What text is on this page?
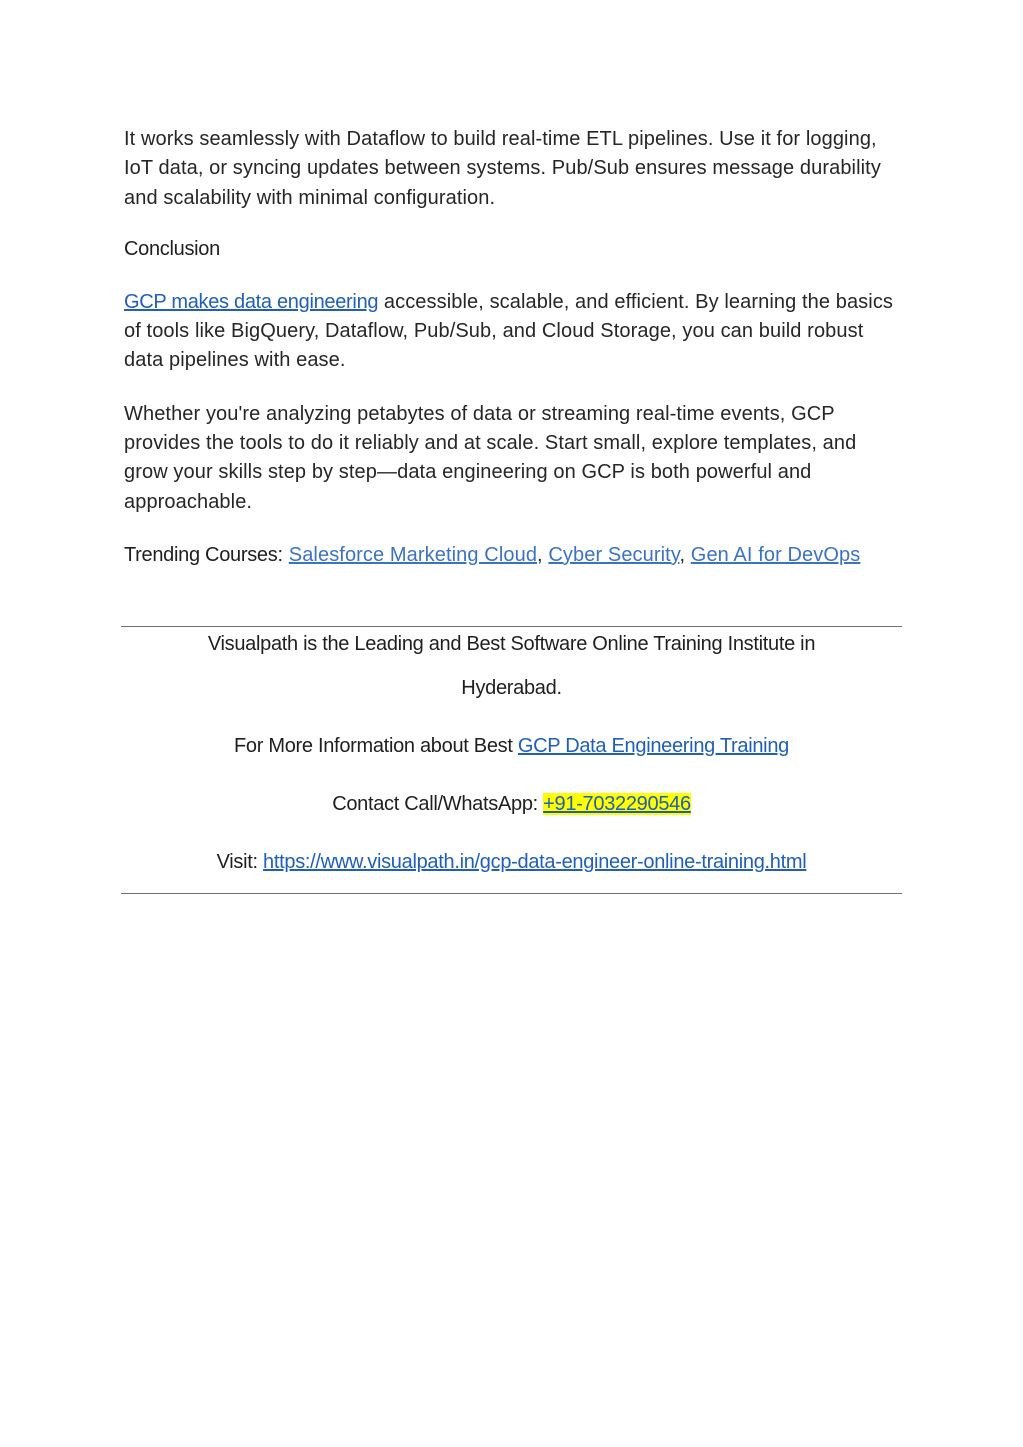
It works seamlessly with Dataflow to build real-time ETL pipelines. Use it for logging, IoT data, or syncing updates between systems. Pub/Sub ensures message durability and scalability with minimal configuration.

Conclusion

GCP makes data engineering accessible, scalable, and efficient. By learning the basics of tools like BigQuery, Dataflow, Pub/Sub, and Cloud Storage, you can build robust data pipelines with ease.

Whether you're analyzing petabytes of data or streaming real-time events, GCP provides the tools to do it reliably and at scale. Start small, explore templates, and grow your skills step by step—data engineering on GCP is both powerful and approachable.

Trending Courses: Salesforce Marketing Cloud, Cyber Security, Gen AI for DevOps

Visualpath is the Leading and Best Software Online Training Institute in
Hyderabad.
For More Information about Best GCP Data Engineering Training
Contact Call/WhatsApp: +91-7032290546
Visit: https://www.visualpath.in/gcp-data-engineer-online-training.html
